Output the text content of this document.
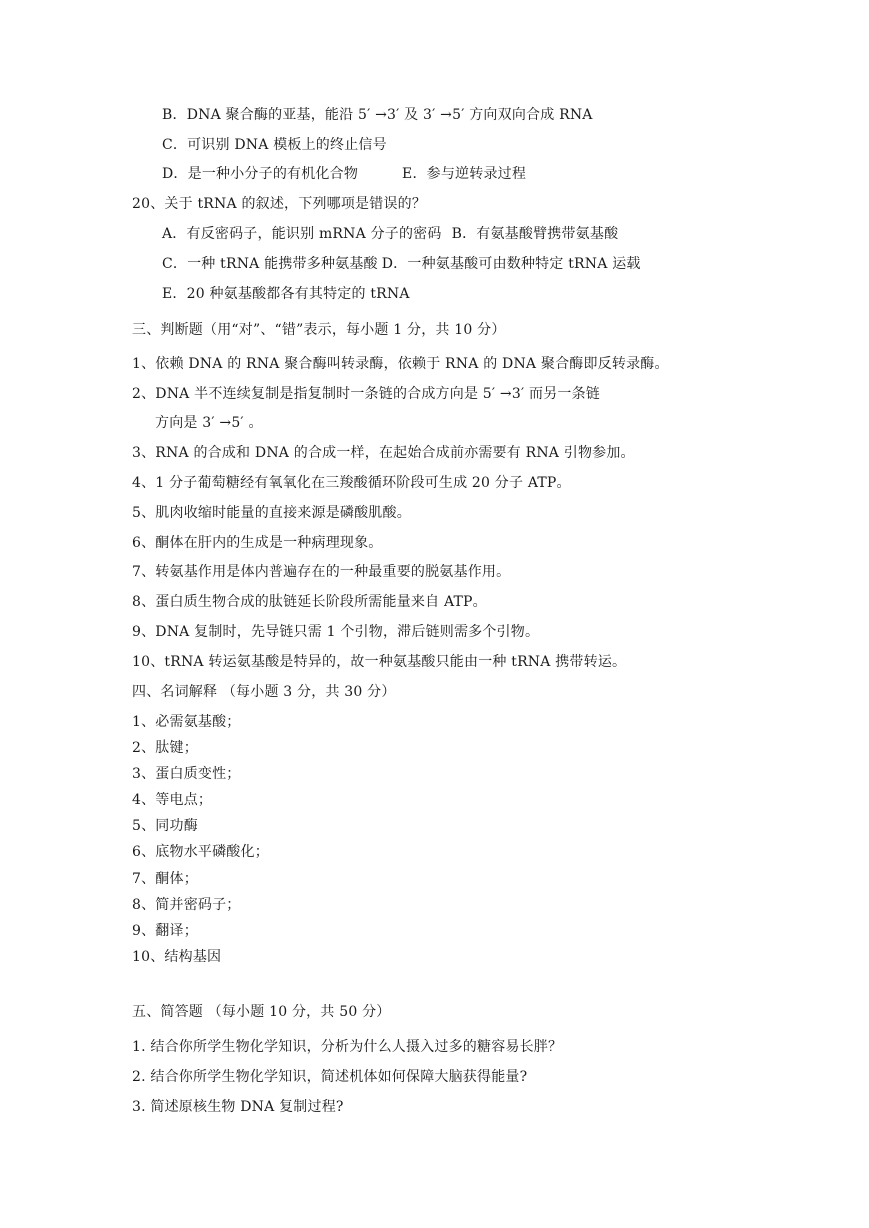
B．DNA 聚合酶的亚基，能沿 5′ →3′ 及 3′ →5′ 方向双向合成 RNA
C．可识别 DNA 模板上的终止信号
D．是一种小分子的有机化合物	E．参与逆转录过程
20、关于 tRNA 的叙述，下列哪项是错误的？
A．有反密码子，能识别 mRNA 分子的密码 B．有氨基酸臂携带氨基酸
C．一种 tRNA 能携带多种氨基酸 D．一种氨基酸可由数种特定 tRNA 运载
E．20 种氨基酸都各有其特定的 tRNA
三、判断题（用“对”、“错”表示，每小题 1 分，共 10 分）
1、依赖 DNA 的 RNA 聚合酶叫转录酶，依赖于 RNA 的 DNA 聚合酶即反转录酶。
2、DNA 半不连续复制是指复制时一条链的合成方向是 5′ →3′ 而另一条链
方向是 3′ →5′ 。
3、RNA 的合成和 DNA 的合成一样，在起始合成前亦需要有 RNA 引物参加。
4、1 分子葡萄糖经有氧氧化在三羧酸循环阶段可生成 20 分子 ATP。
5、肌肉收缩时能量的直接来源是磷酸肌酸。
6、酮体在肝内的生成是一种病理现象。
7、转氨基作用是体内普遍存在的一种最重要的脱氨基作用。
8、蛋白质生物合成的肽链延长阶段所需能量来自 ATP。
9、DNA 复制时，先导链只需 1 个引物，滞后链则需多个引物。
10、tRNA 转运氨基酸是特异的，故一种氨基酸只能由一种 tRNA 携带转运。
四、名词解释 （每小题 3 分，共 30 分）
1、必需氨基酸；
2、肽键；
3、蛋白质变性；
4、等电点；
5、同功酶
6、底物水平磷酸化；
7、酮体；
8、简并密码子；
9、翻译；
10、结构基因
五、简答题 （每小题 10 分，共 50 分）
1. 结合你所学生物化学知识，分析为什么人摄入过多的糖容易长胖？
2. 结合你所学生物化学知识，简述机体如何保障大脑获得能量?
3. 简述原核生物 DNA 复制过程?
